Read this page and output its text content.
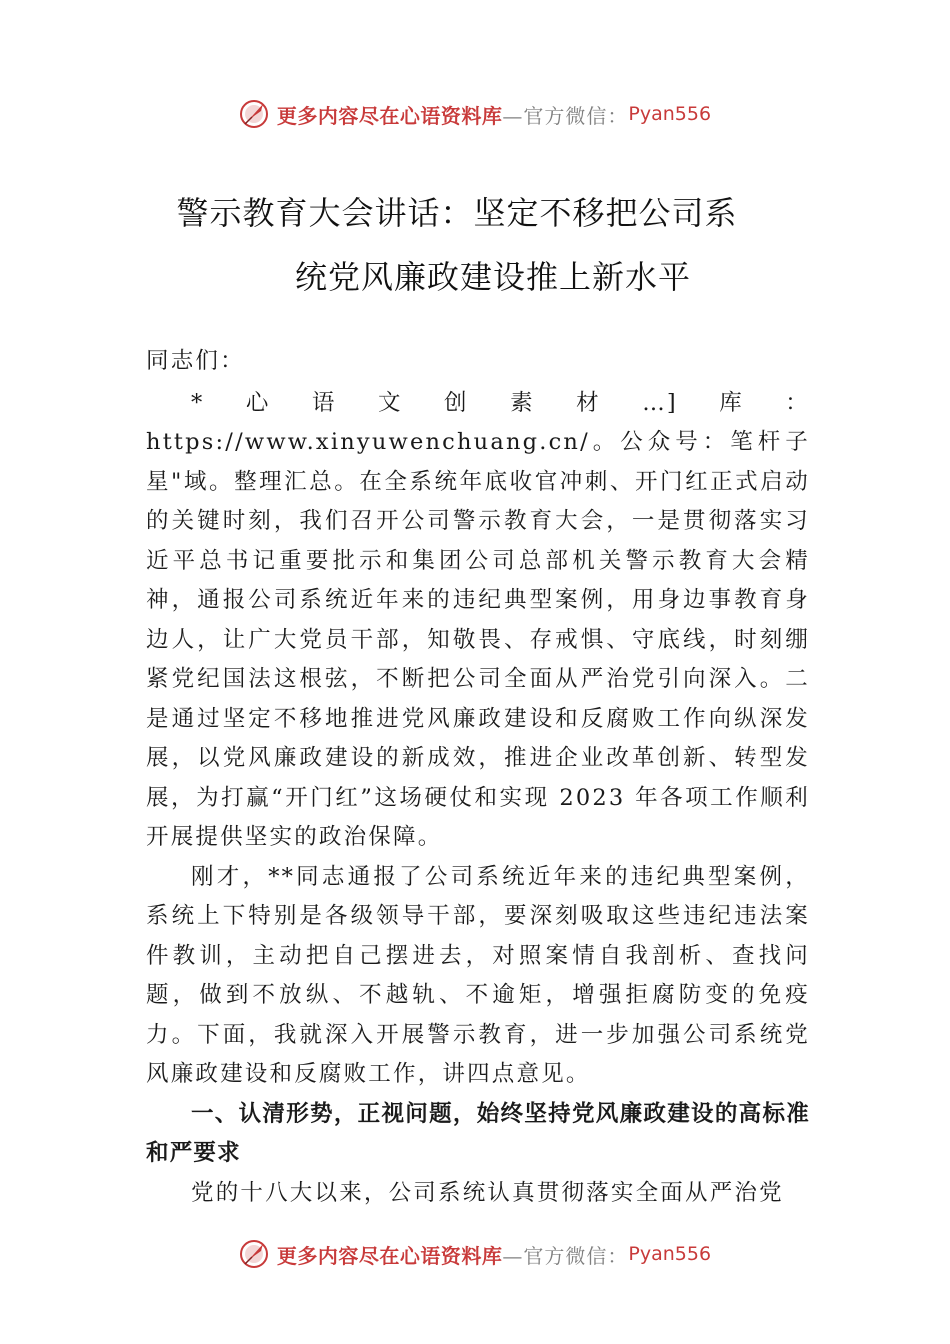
更多内容尽在心语资料库 —官方微信： Pyan556
警示教育大会讲话：坚定不移把公司系
统党风廉政建设推上新水平

同志们：

*心语文创素材…]库：https://www.xinyuwenchuang.cn/。公众号：笔杆子星"域。整理汇总。在全系统年底收官冲刺、开门红正式启动的关键时刻，我们召开公司警示教育大会，一是贯彻落实习近平总书记重要批示和集团公司总部机关警示教育大会精神，通报公司系统近年来的违纪典型案例，用身边事教育身边人，让广大党员干部，知敬畏、存戒惧、守底线，时刻绷紧党纪国法这根弦，不断把公司全面从严治党引向深入。二是通过坚定不移地推进党风廉政建设和反腐败工作向纵深发展，以党风廉政建设的新成效，推进企业改革创新、转型发展，为打赢“开门红”这场硬仗和实现 2023 年各项工作顺利开展提供坚实的政治保障。

刚才，**同志通报了公司系统近年来的违纪典型案例，系统上下特别是各级领导干部，要深刻吸取这些违纪违法案件教训，主动把自己摆进去，对照案情自我剖析、查找问题，做到不放纵、不越轨、不逾矩，增强拒腐防变的免疫力。下面，我就深入开展警示教育，进一步加强公司系统党风廉政建设和反腐败工作，讲四点意见。

一、认清形势，正视问题，始终坚持党风廉政建设的高标准和严要求

党的十八大以来，公司系统认真贯彻落实全面从严治党

更多内容尽在心语资料库 —官方微信： Pyan556
